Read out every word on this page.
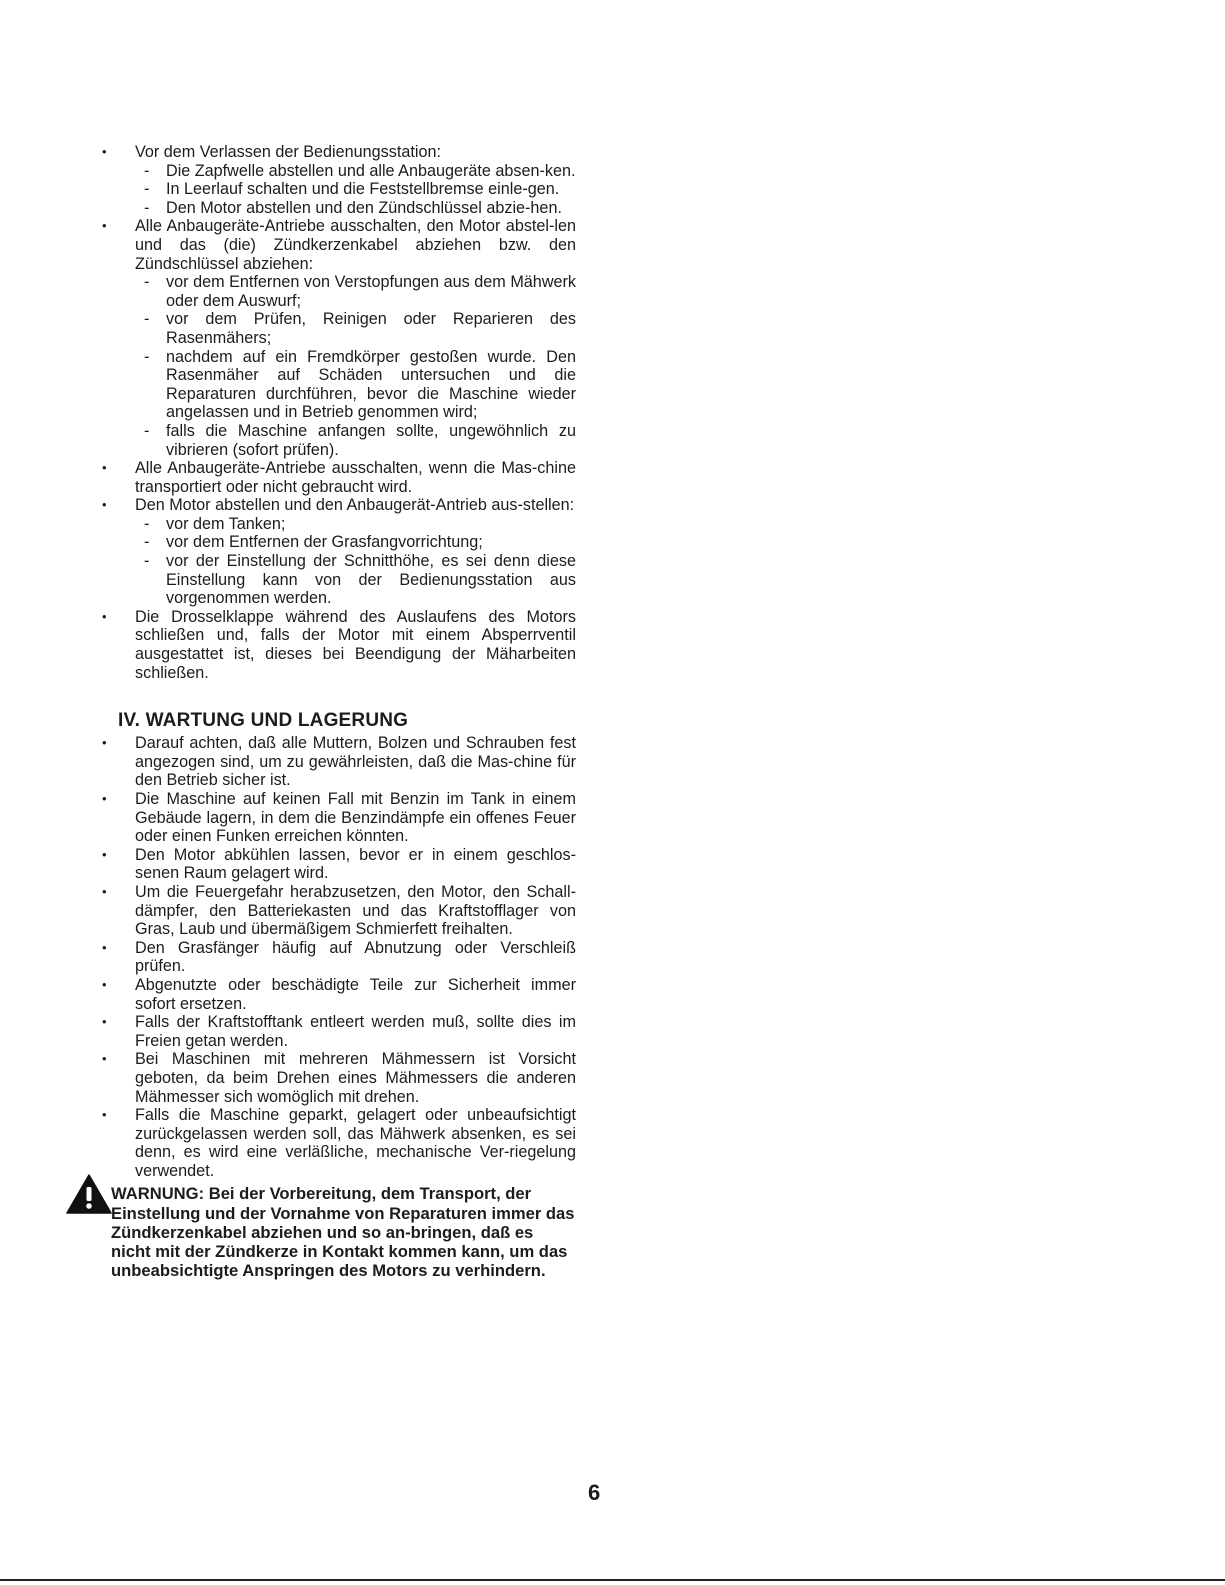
• Vor dem Verlassen der Bedienungsstation:
- Die Zapfwelle abstellen und alle Anbaugeräte absen-ken.
- In Leerlauf schalten und die Feststellbremse einle-gen.
- Den Motor abstellen und den Zündschlüssel abzie-hen.
• Alle Anbaugeräte-Antriebe ausschalten, den Motor abstel-len und das (die) Zündkerzenkabel abziehen bzw. den Zündschlüssel abziehen:
- vor dem Entfernen von Verstopfungen aus dem Mähwerk oder dem Auswurf;
- vor dem Prüfen, Reinigen oder Reparieren des Rasenmähers;
- nachdem auf ein Fremdkörper gestoßen wurde. Den Rasenmäher auf Schäden untersuchen und die Reparaturen durchführen, bevor die Maschine wieder angelassen und in Betrieb genommen wird;
- falls die Maschine anfangen sollte, ungewöhnlich zu vibrieren (sofort prüfen).
• Alle Anbaugeräte-Antriebe ausschalten, wenn die Mas-chine transportiert oder nicht gebraucht wird.
• Den Motor abstellen und den Anbaugerät-Antrieb aus-stellen:
- vor dem Tanken;
- vor dem Entfernen der Grasfangvorrichtung;
- vor der Einstellung der Schnitthöhe, es sei denn diese Einstellung kann von der Bedienungsstation aus vorgenommen werden.
• Die Drosselklappe während des Auslaufens des Motors schließen und, falls der Motor mit einem Absperrventil ausgestattet ist, dieses bei Beendigung der Mäharbeiten schließen.
IV. WARTUNG UND LAGERUNG
• Darauf achten, daß alle Muttern, Bolzen und Schrauben fest angezogen sind, um zu gewährleisten, daß die Mas-chine für den Betrieb sicher ist.
• Die Maschine auf keinen Fall mit Benzin im Tank in einem Gebäude lagern, in dem die Benzindämpfe ein offenes Feuer oder einen Funken erreichen könnten.
• Den Motor abkühlen lassen, bevor er in einem geschlos-senen Raum gelagert wird.
• Um die Feuergefahr herabzusetzen, den Motor, den Schall-dämpfer, den Batteriekasten und das Kraftstofflager von Gras, Laub und übermäßigem Schmierfett freihalten.
• Den Grasfänger häufig auf Abnutzung oder Verschleiß prüfen.
• Abgenutzte oder beschädigte Teile zur Sicherheit immer sofort ersetzen.
• Falls der Kraftstofftank entleert werden muß, sollte dies im Freien getan werden.
• Bei Maschinen mit mehreren Mähmessern ist Vorsicht geboten, da beim Drehen eines Mähmessers die anderen Mähmesser sich womöglich mit drehen.
• Falls die Maschine geparkt, gelagert oder unbeaufsichtigt zurückgelassen werden soll, das Mähwerk absenken, es sei denn, es wird eine verläßliche, mechanische Ver-riegelung verwendet.
WARNUNG: Bei der Vorbereitung, dem Transport, der Einstellung und der Vornahme von Reparaturen immer das Zündkerzenkabel abziehen und so an-bringen, daß es nicht mit der Zündkerze in Kontakt kommen kann, um das unbeabsichtigte Anspringen des Motors zu verhindern.
6
